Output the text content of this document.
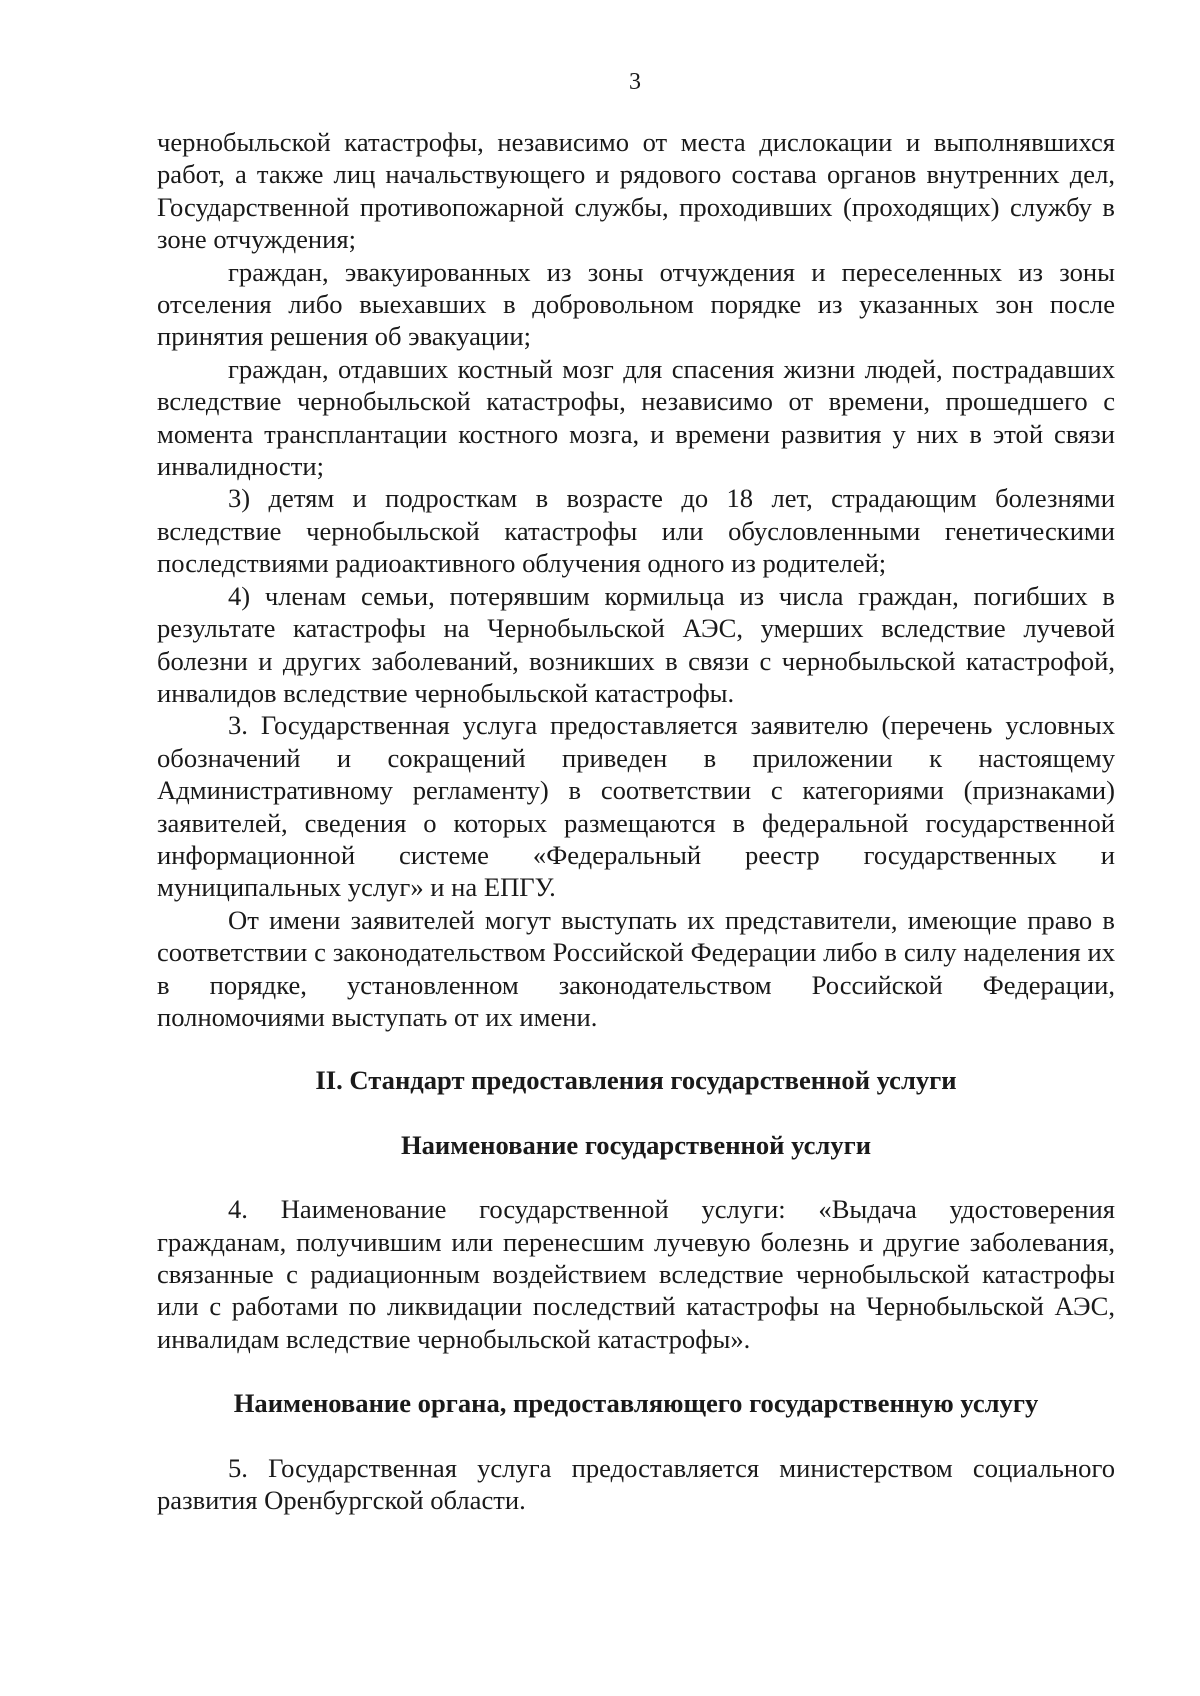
3

чернобыльской катастрофы, независимо от места дислокации и выполнявшихся работ, а также лиц начальствующего и рядового состава органов внутренних дел, Государственной противопожарной службы, проходивших (проходящих) службу в зоне отчуждения;

граждан, эвакуированных из зоны отчуждения и переселенных из зоны отселения либо выехавших в добровольном порядке из указанных зон после принятия решения об эвакуации;

граждан, отдавших костный мозг для спасения жизни людей, пострадавших вследствие чернобыльской катастрофы, независимо от времени, прошедшего с момента трансплантации костного мозга, и времени развития у них в этой связи инвалидности;

3) детям и подросткам в возрасте до 18 лет, страдающим болезнями вследствие чернобыльской катастрофы или обусловленными генетическими последствиями радиоактивного облучения одного из родителей;

4) членам семьи, потерявшим кормильца из числа граждан, погибших в результате катастрофы на Чернобыльской АЭС, умерших вследствие лучевой болезни и других заболеваний, возникших в связи с чернобыльской катастрофой, инвалидов вследствие чернобыльской катастрофы.

3. Государственная услуга предоставляется заявителю (перечень условных обозначений и сокращений приведен в приложении к настоящему Административному регламенту) в соответствии с категориями (признаками) заявителей, сведения о которых размещаются в федеральной государственной информационной системе «Федеральный реестр государственных и муниципальных услуг» и на ЕПГУ.

От имени заявителей могут выступать их представители, имеющие право в соответствии с законодательством Российской Федерации либо в силу наделения их в порядке, установленном законодательством Российской Федерации, полномочиями выступать от их имени.

II. Стандарт предоставления государственной услуги
Наименование государственной услуги

4. Наименование государственной услуги: «Выдача удостоверения гражданам, получившим или перенесшим лучевую болезнь и другие заболевания, связанные с радиационным воздействием вследствие чернобыльской катастрофы или с работами по ликвидации последствий катастрофы на Чернобыльской АЭС, инвалидам вследствие чернобыльской катастрофы».

Наименование органа, предоставляющего государственную услугу

5. Государственная услуга предоставляется министерством социального развития Оренбургской области.
